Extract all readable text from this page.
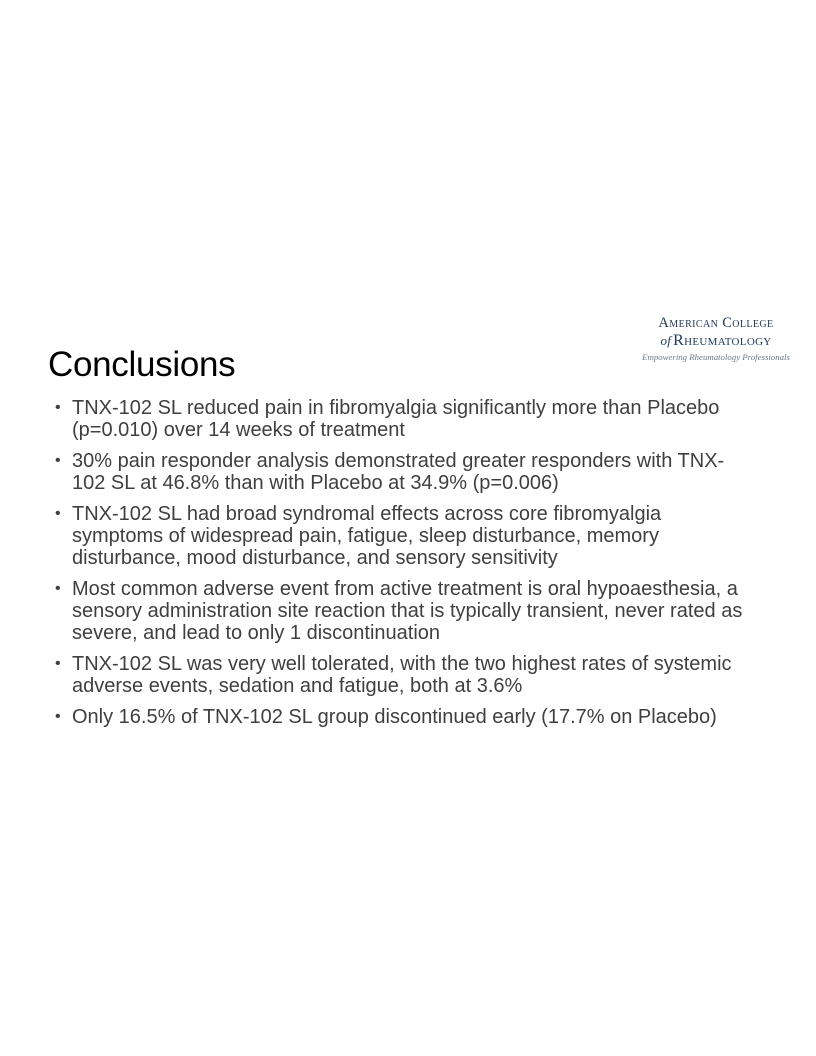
American College
of Rheumatology
Empowering Rheumatology Professionals
Conclusions
• TNX-102 SL reduced pain in fibromyalgia significantly more than Placebo
(p=0.010) over 14 weeks of treatment
• 30% pain responder analysis demonstrated greater responders with TNX-
102 SL at 46.8% than with Placebo at 34.9% (p=0.006)
• TNX-102 SL had broad syndromal effects across core fibromyalgia
symptoms of widespread pain, fatigue, sleep disturbance, memory
disturbance, mood disturbance, and sensory sensitivity
• Most common adverse event from active treatment is oral hypoaesthesia, a
sensory administration site reaction that is typically transient, never rated as
severe, and lead to only 1 discontinuation
• TNX-102 SL was very well tolerated, with the two highest rates of systemic
adverse events, sedation and fatigue, both at 3.6%
• Only 16.5% of TNX-102 SL group discontinued early (17.7% on Placebo)
